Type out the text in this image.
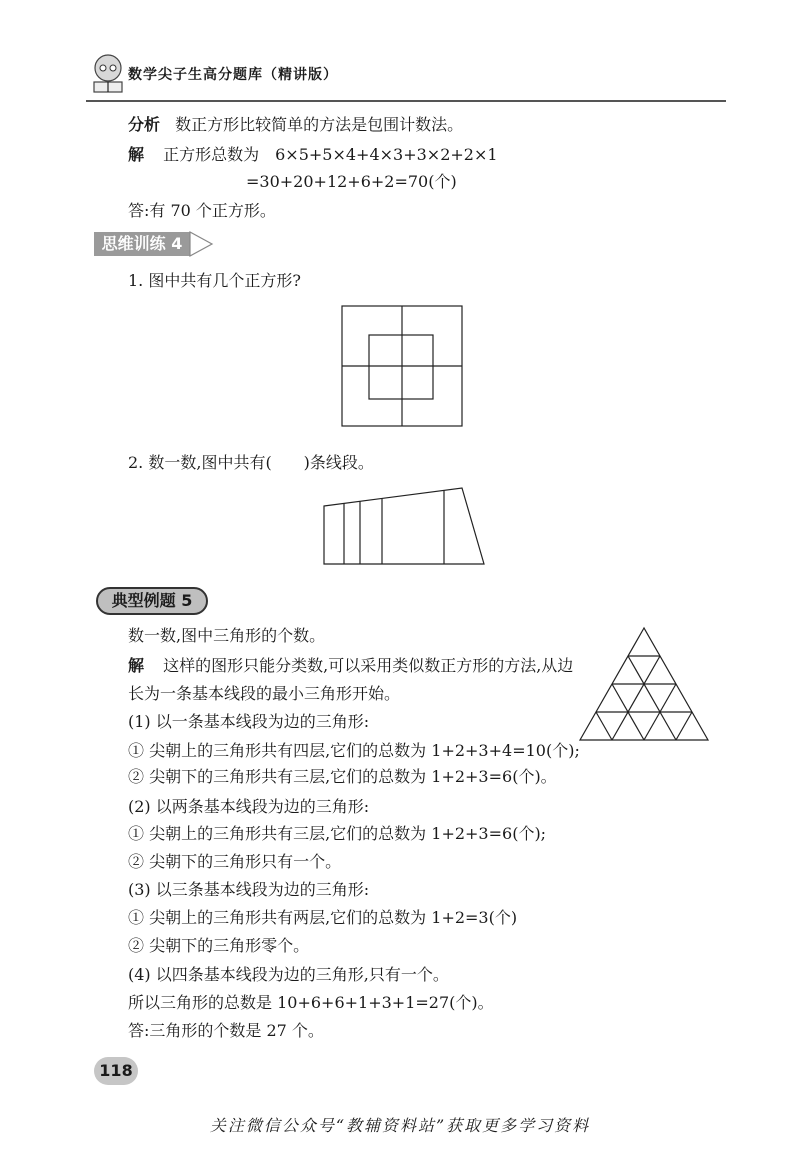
数学尖子生高分题库（精讲版）
分析 数正方形比较简单的方法是包围计数法。
解 正方形总数为　6×5+5×4+4×3+3×2+2×1
=30+20+12+6+2=70(个)
答:有 70 个正方形。
思维训练 4
1. 图中共有几个正方形?
2. 数一数,图中共有(　　)条线段。
典型例题 5
数一数,图中三角形的个数。
解 这样的图形只能分类数,可以采用类似数正方形的方法,从边
长为一条基本线段的最小三角形开始。
(1) 以一条基本线段为边的三角形:
① 尖朝上的三角形共有四层,它们的总数为 1+2+3+4=10(个);
② 尖朝下的三角形共有三层,它们的总数为 1+2+3=6(个)。
(2) 以两条基本线段为边的三角形:
① 尖朝上的三角形共有三层,它们的总数为 1+2+3=6(个);
② 尖朝下的三角形只有一个。
(3) 以三条基本线段为边的三角形:
① 尖朝上的三角形共有两层,它们的总数为 1+2=3(个)
② 尖朝下的三角形零个。
(4) 以四条基本线段为边的三角形,只有一个。
所以三角形的总数是 10+6+6+1+3+1=27(个)。
答:三角形的个数是 27 个。
118
关注微信公众号“教辅资料站”获取更多学习资料
